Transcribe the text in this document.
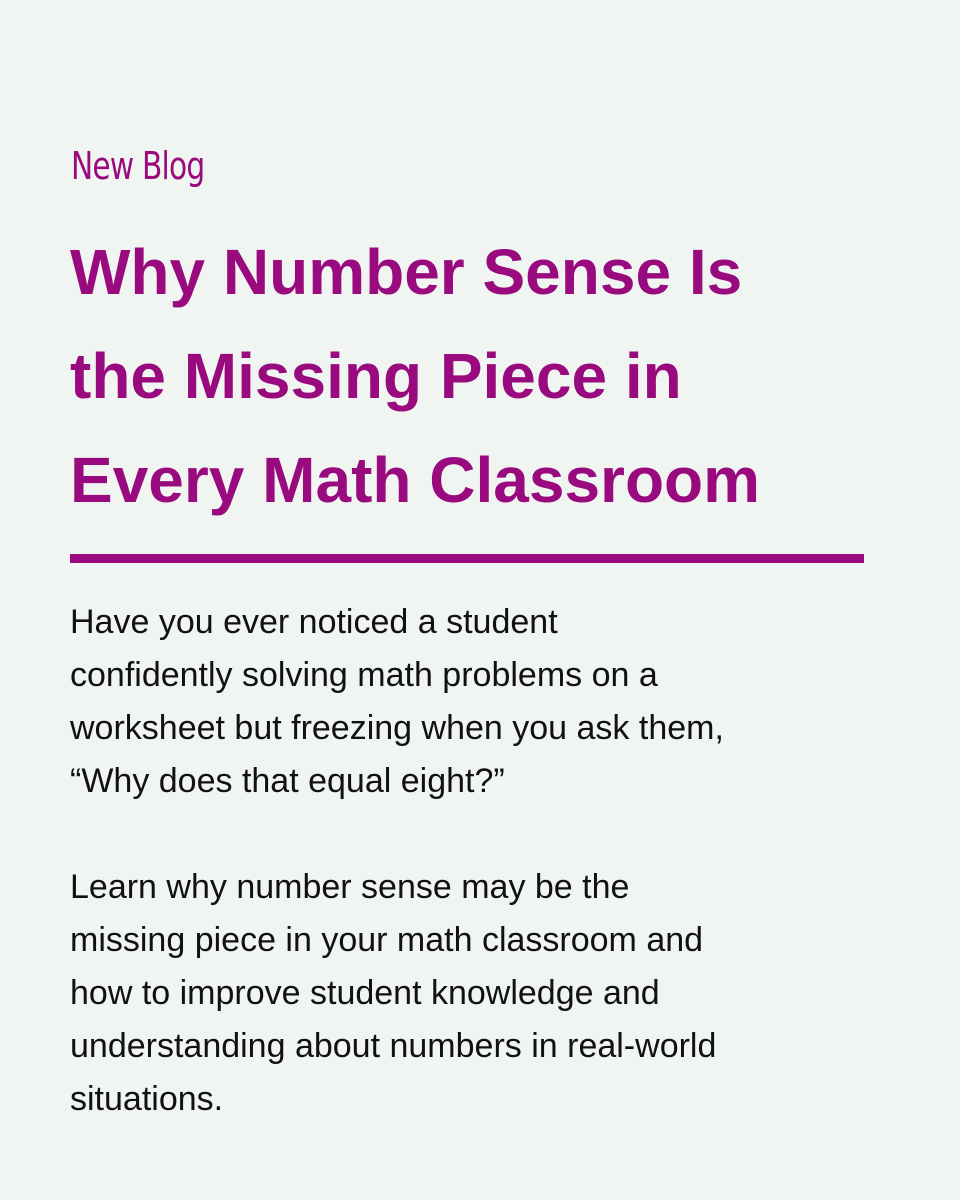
New Blog
Why Number Sense Is
the Missing Piece in
Every Math Classroom

Have you ever noticed a student
confidently solving math problems on a
worksheet but freezing when you ask them,
“Why does that equal eight?”

Learn why number sense may be the
missing piece in your math classroom and
how to improve student knowledge and
understanding about numbers in real-world
situations.
